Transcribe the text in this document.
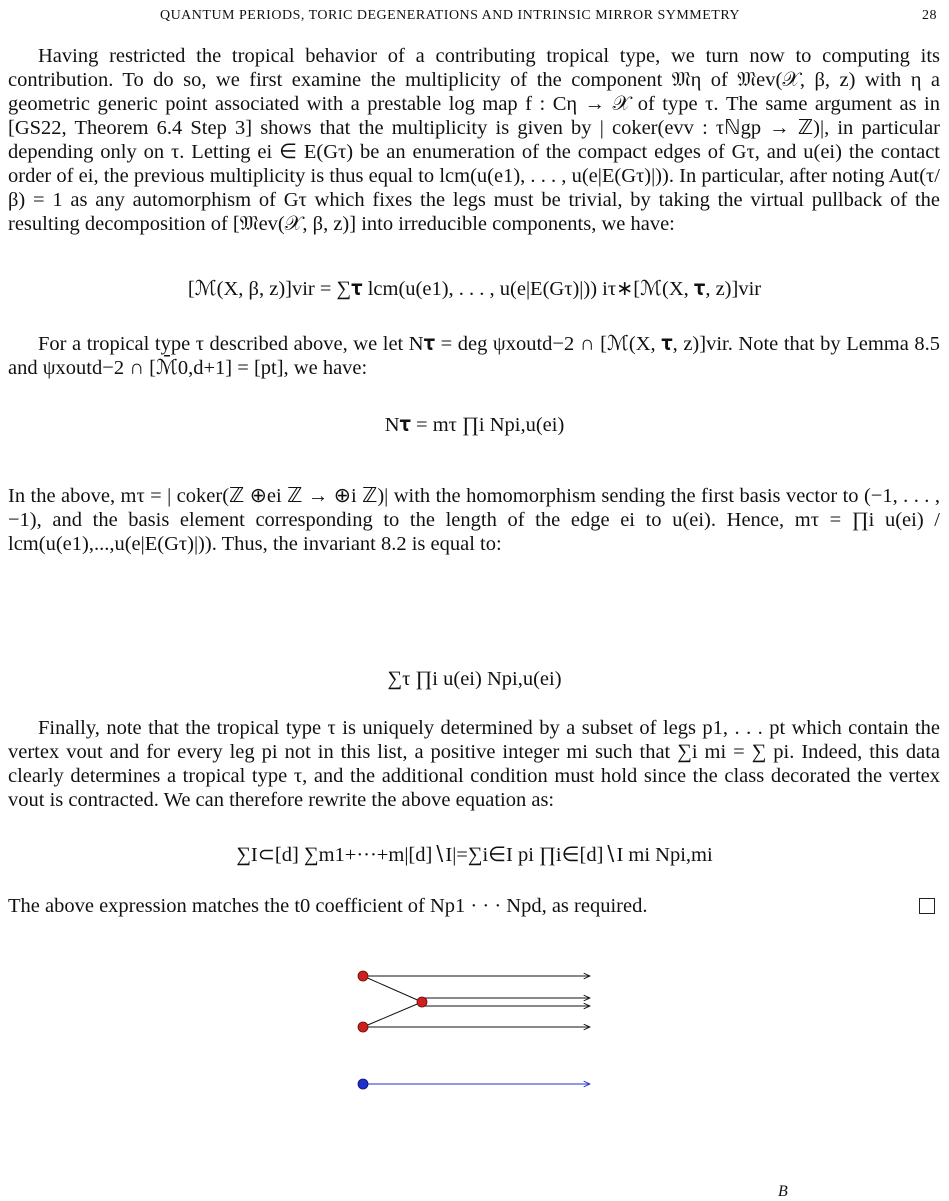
QUANTUM PERIODS, TORIC DEGENERATIONS AND INTRINSIC MIRROR SYMMETRY	28

Having restricted the tropical behavior of a contributing tropical type, we turn now to computing its contribution. To do so, we first examine the multiplicity of the component 𝔐η of 𝔐ev(𝒳, β, z) with η a geometric generic point associated with a prestable log map f : Cη → 𝒳 of type τ. The same argument as in [GS22, Theorem 6.4 Step 3] shows that the multiplicity is given by | coker(evv : τℕgp → ℤ)|, in particular depending only on τ. Letting ei ∈ E(Gτ) be an enumeration of the compact edges of Gτ, and u(ei) the contact order of ei, the previous multiplicity is thus equal to lcm(u(e1), . . . , u(e|E(Gτ)|)). In particular, after noting Aut(τ/β) = 1 as any automorphism of Gτ which fixes the legs must be trivial, by taking the virtual pullback of the resulting decomposition of [𝔐ev(𝒳, β, z)] into irreducible components, we have:

[ℳ(X, β, z)]vir = ∑𝛕 lcm(u(e1), . . . , u(e|E(Gτ)|)) iτ∗[ℳ(X, 𝛕, z)]vir

For a tropical type τ described above, we let N𝛕 = deg ψxoutd−2 ∩ [ℳ(X, 𝛕, z)]vir. Note that by Lemma 8.5 and ψxoutd−2 ∩ [ℳ̄0,d+1] = [pt], we have:

N𝛕 = mτ ∏i Npi,u(ei)

In the above, mτ = | coker(ℤ ⊕ei ℤ → ⊕i ℤ)| with the homomorphism sending the first basis vector to (−1, . . . , −1), and the basis element corresponding to the length of the edge ei to u(ei). Hence, mτ = ∏i u(ei) / lcm(u(e1),...,u(e|E(Gτ)|)). Thus, the invariant 8.2 is equal to:

∑τ ∏i u(ei) Npi,u(ei)

Finally, note that the tropical type τ is uniquely determined by a subset of legs p1, . . . pt which contain the vertex vout and for every leg pi not in this list, a positive integer mi such that ∑i mi = ∑ pi. Indeed, this data clearly determines a tropical type τ, and the additional condition must hold since the class decorated the vertex vout is contracted. We can therefore rewrite the above equation as:

∑I⊂[d] ∑m1+···+m|[d]∖I|=∑i∈I pi ∏i∈[d]∖I mi Npi,mi

The above expression matches the t0 coefficient of Np1 · · · Npd, as required.

B
